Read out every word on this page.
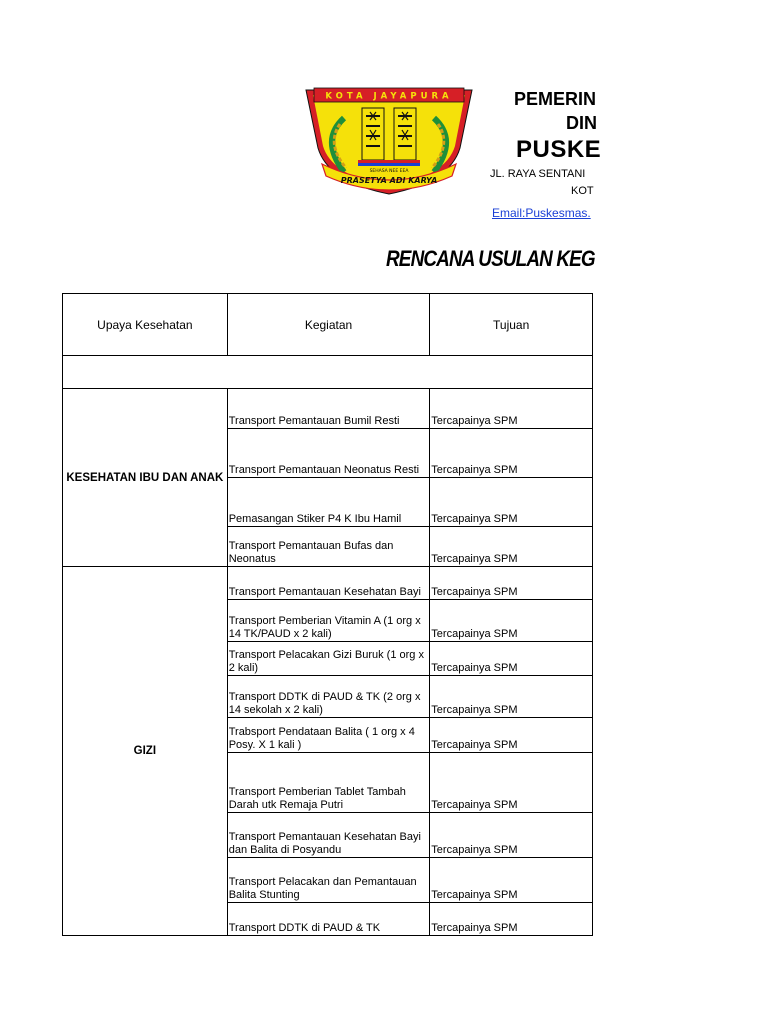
KOTA JAYAPURA
SEHASA NEE EEA
PRASETYA ADI KARYA
PEMERIN
DIN
PUSKE
JL. RAYA SENTANI
KOT
Email:Puskesmas.
RENCANA USULAN KEG
Upaya Kesehatan	Kegiatan	Tujuan

KESEHATAN IBU DAN ANAK	Transport Pemantauan Bumil Resti	Tercapainya SPM
	Transport Pemantauan Neonatus Resti	Tercapainya SPM
	Pemasangan Stiker P4 K Ibu Hamil	Tercapainya SPM
	Transport Pemantauan Bufas dan Neonatus	Tercapainya SPM
GIZI	Transport Pemantauan Kesehatan Bayi	Tercapainya SPM
	Transport Pemberian Vitamin A (1 org x 14 TK/PAUD x 2 kali)	Tercapainya SPM
	Transport Pelacakan Gizi Buruk (1 org x 2 kali)	Tercapainya SPM
	Transport DDTK di PAUD & TK (2 org x 14 sekolah x 2 kali)	Tercapainya SPM
	Trabsport Pendataan Balita ( 1 org x 4 Posy. X 1 kali )	Tercapainya SPM
	Transport Pemberian Tablet Tambah Darah utk Remaja Putri	Tercapainya SPM
	Transport Pemantauan Kesehatan Bayi dan Balita di Posyandu	Tercapainya SPM
	Transport Pelacakan dan Pemantauan Balita Stunting	Tercapainya SPM
	Transport DDTK di PAUD & TK	Tercapainya SPM
